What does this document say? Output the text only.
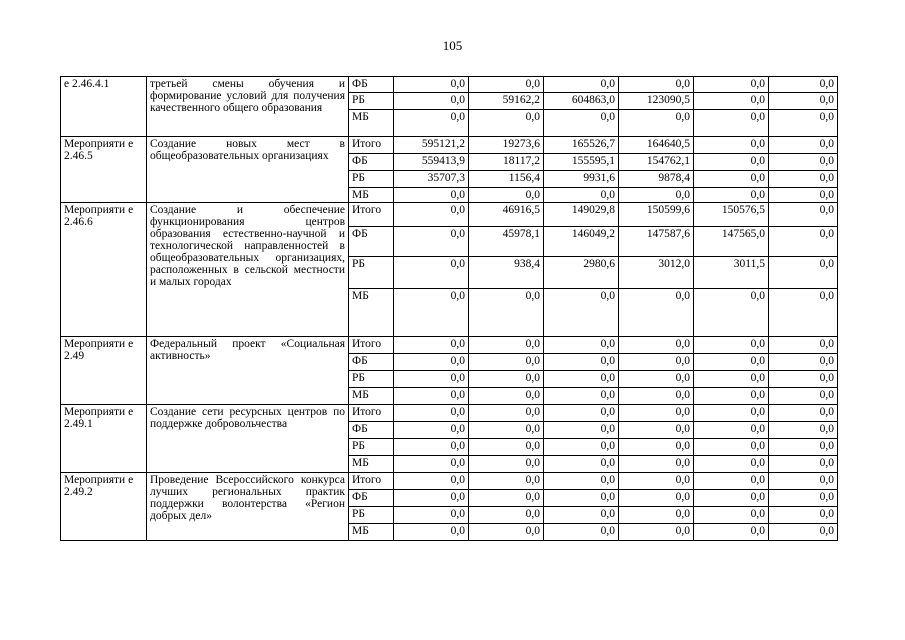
105
е 2.46.4.1	третьей смены обучения и формирование условий для получения качественного общего образования	ФБ	0,0	0,0	0,0	0,0	0,0	0,0
		РБ	0,0	59162,2	604863,0	123090,5	0,0	0,0
		МБ	0,0	0,0	0,0	0,0	0,0	0,0
Мероприяти е 2.46.5	Создание новых мест в общеобразовательных организациях	Итого	595121,2	19273,6	165526,7	164640,5	0,0	0,0
		ФБ	559413,9	18117,2	155595,1	154762,1	0,0	0,0
		РБ	35707,3	1156,4	9931,6	9878,4	0,0	0,0
		МБ	0,0	0,0	0,0	0,0	0,0	0,0
Мероприяти е 2.46.6	Создание и обеспечение функционирования центров образования естественно-научной и технологической направленностей в общеобразовательных организациях, расположенных в сельской местности и малых городах	Итого	0,0	46916,5	149029,8	150599,6	150576,5	0,0
		ФБ	0,0	45978,1	146049,2	147587,6	147565,0	0,0
		РБ	0,0	938,4	2980,6	3012,0	3011,5	0,0
		МБ	0,0	0,0	0,0	0,0	0,0	0,0
Мероприяти е 2.49	Федеральный проект «Социальная активность»	Итого	0,0	0,0	0,0	0,0	0,0	0,0
		ФБ	0,0	0,0	0,0	0,0	0,0	0,0
		РБ	0,0	0,0	0,0	0,0	0,0	0,0
		МБ	0,0	0,0	0,0	0,0	0,0	0,0
Мероприяти е 2.49.1	Создание сети ресурсных центров по поддержке добровольчества	Итого	0,0	0,0	0,0	0,0	0,0	0,0
		ФБ	0,0	0,0	0,0	0,0	0,0	0,0
		РБ	0,0	0,0	0,0	0,0	0,0	0,0
		МБ	0,0	0,0	0,0	0,0	0,0	0,0
Мероприяти е 2.49.2	Проведение Всероссийского конкурса лучших региональных практик поддержки волонтерства «Регион добрых дел»	Итого	0,0	0,0	0,0	0,0	0,0	0,0
		ФБ	0,0	0,0	0,0	0,0	0,0	0,0
		РБ	0,0	0,0	0,0	0,0	0,0	0,0
		МБ	0,0	0,0	0,0	0,0	0,0	0,0
